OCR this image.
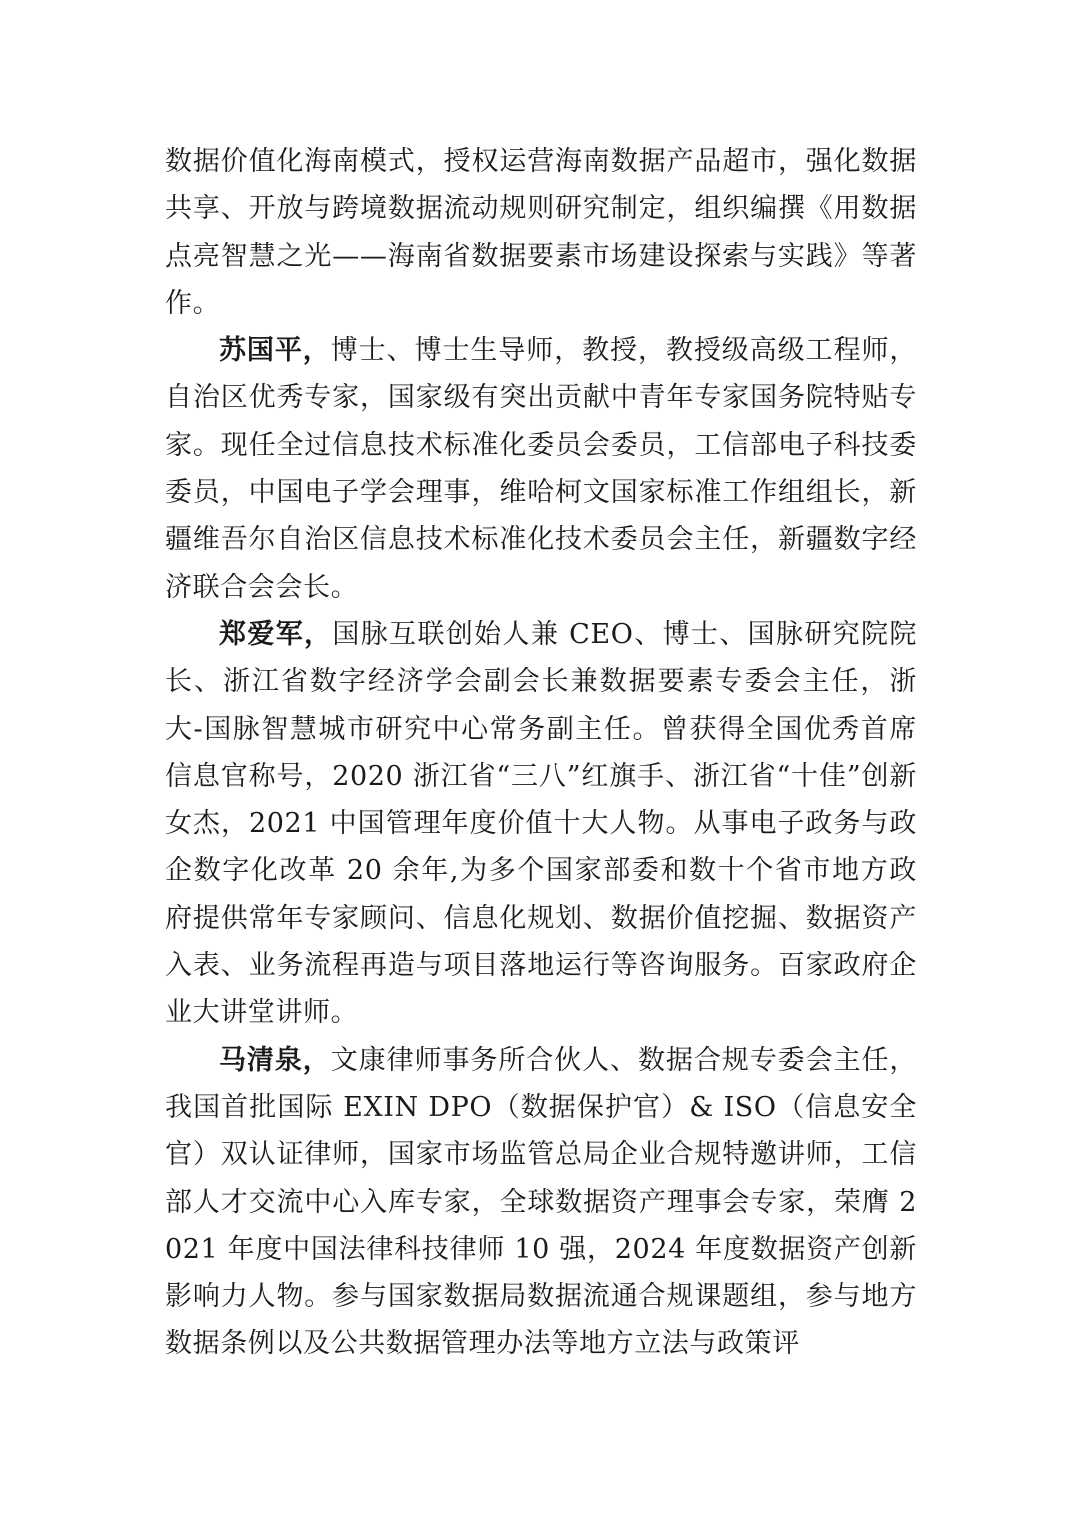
数据价值化海南模式，授权运营海南数据产品超市，强化数据共享、开放与跨境数据流动规则研究制定，组织编撰《用数据点亮智慧之光——海南省数据要素市场建设探索与实践》等著作。

苏国平，博士、博士生导师，教授，教授级高级工程师，自治区优秀专家，国家级有突出贡献中青年专家国务院特贴专家。现任全过信息技术标准化委员会委员，工信部电子科技委委员，中国电子学会理事，维哈柯文国家标准工作组组长，新疆维吾尔自治区信息技术标准化技术委员会主任，新疆数字经济联合会会长。

郑爱军，国脉互联创始人兼 CEO、博士、国脉研究院院长、浙江省数字经济学会副会长兼数据要素专委会主任，浙大-国脉智慧城市研究中心常务副主任。曾获得全国优秀首席信息官称号，2020 浙江省“三八”红旗手、浙江省“十佳”创新女杰，2021 中国管理年度价值十大人物。从事电子政务与政企数字化改革 20 余年,为多个国家部委和数十个省市地方政府提供常年专家顾问、信息化规划、数据价值挖掘、数据资产入表、业务流程再造与项目落地运行等咨询服务。百家政府企业大讲堂讲师。

马清泉，文康律师事务所合伙人、数据合规专委会主任，我国首批国际 EXIN DPO（数据保护官）& ISO（信息安全官）双认证律师，国家市场监管总局企业合规特邀讲师，工信部人才交流中心入库专家，全球数据资产理事会专家，荣膺 2021 年度中国法律科技律师 10 强，2024 年度数据资产创新影响力人物。参与国家数据局数据流通合规课题组，参与地方数据条例以及公共数据管理办法等地方立法与政策评
